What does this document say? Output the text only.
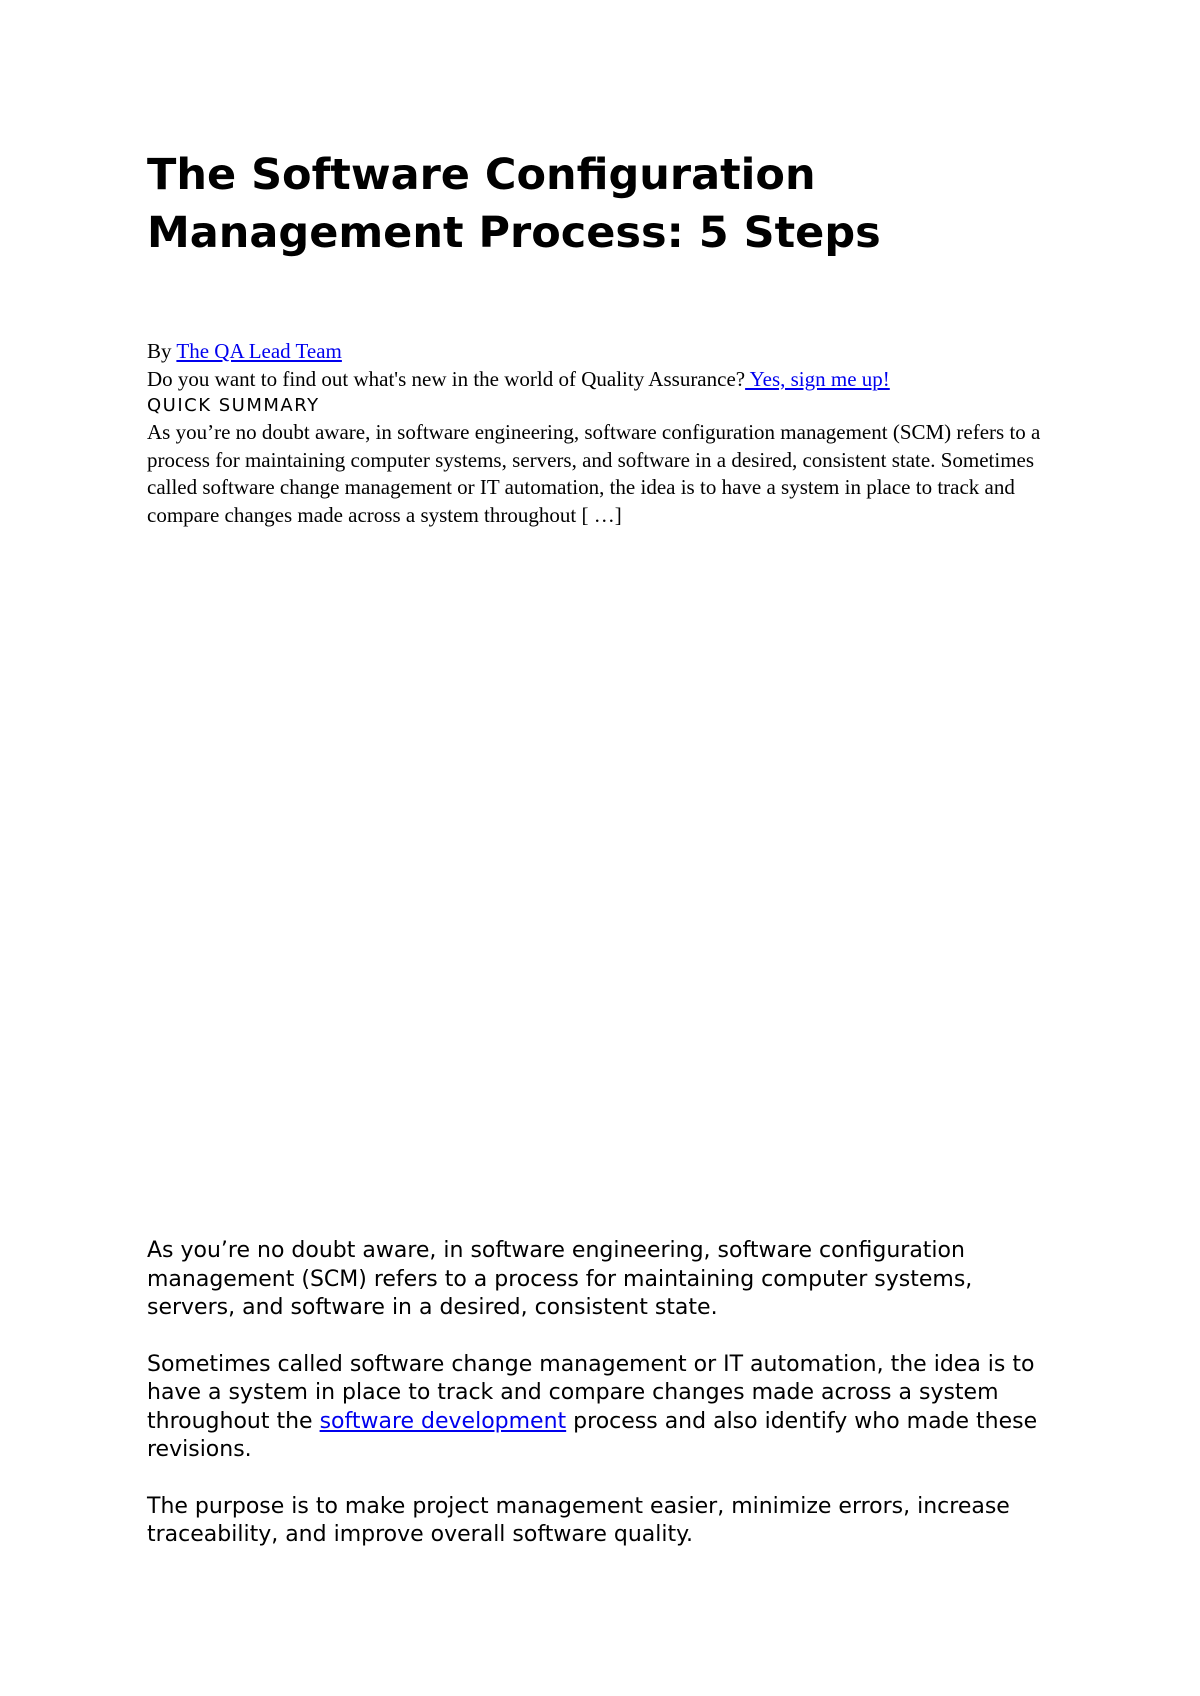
The Software Configuration
Management Process: 5 Steps
By The QA Lead Team
Do you want to find out what's new in the world of Quality Assurance? Yes, sign me up!
QUICK SUMMARY
As you’re no doubt aware, in software engineering, software configuration management (SCM) refers to a process for maintaining computer systems, servers, and software in a desired, consistent state. Sometimes called software change management or IT automation, the idea is to have a system in place to track and compare changes made across a system throughout [ …]

As you’re no doubt aware, in software engineering, software configuration management (SCM) refers to a process for maintaining computer systems, servers, and software in a desired, consistent state.

Sometimes called software change management or IT automation, the idea is to have a system in place to track and compare changes made across a system throughout the software development process and also identify who made these revisions.

The purpose is to make project management easier, minimize errors, increase traceability, and improve overall software quality.
